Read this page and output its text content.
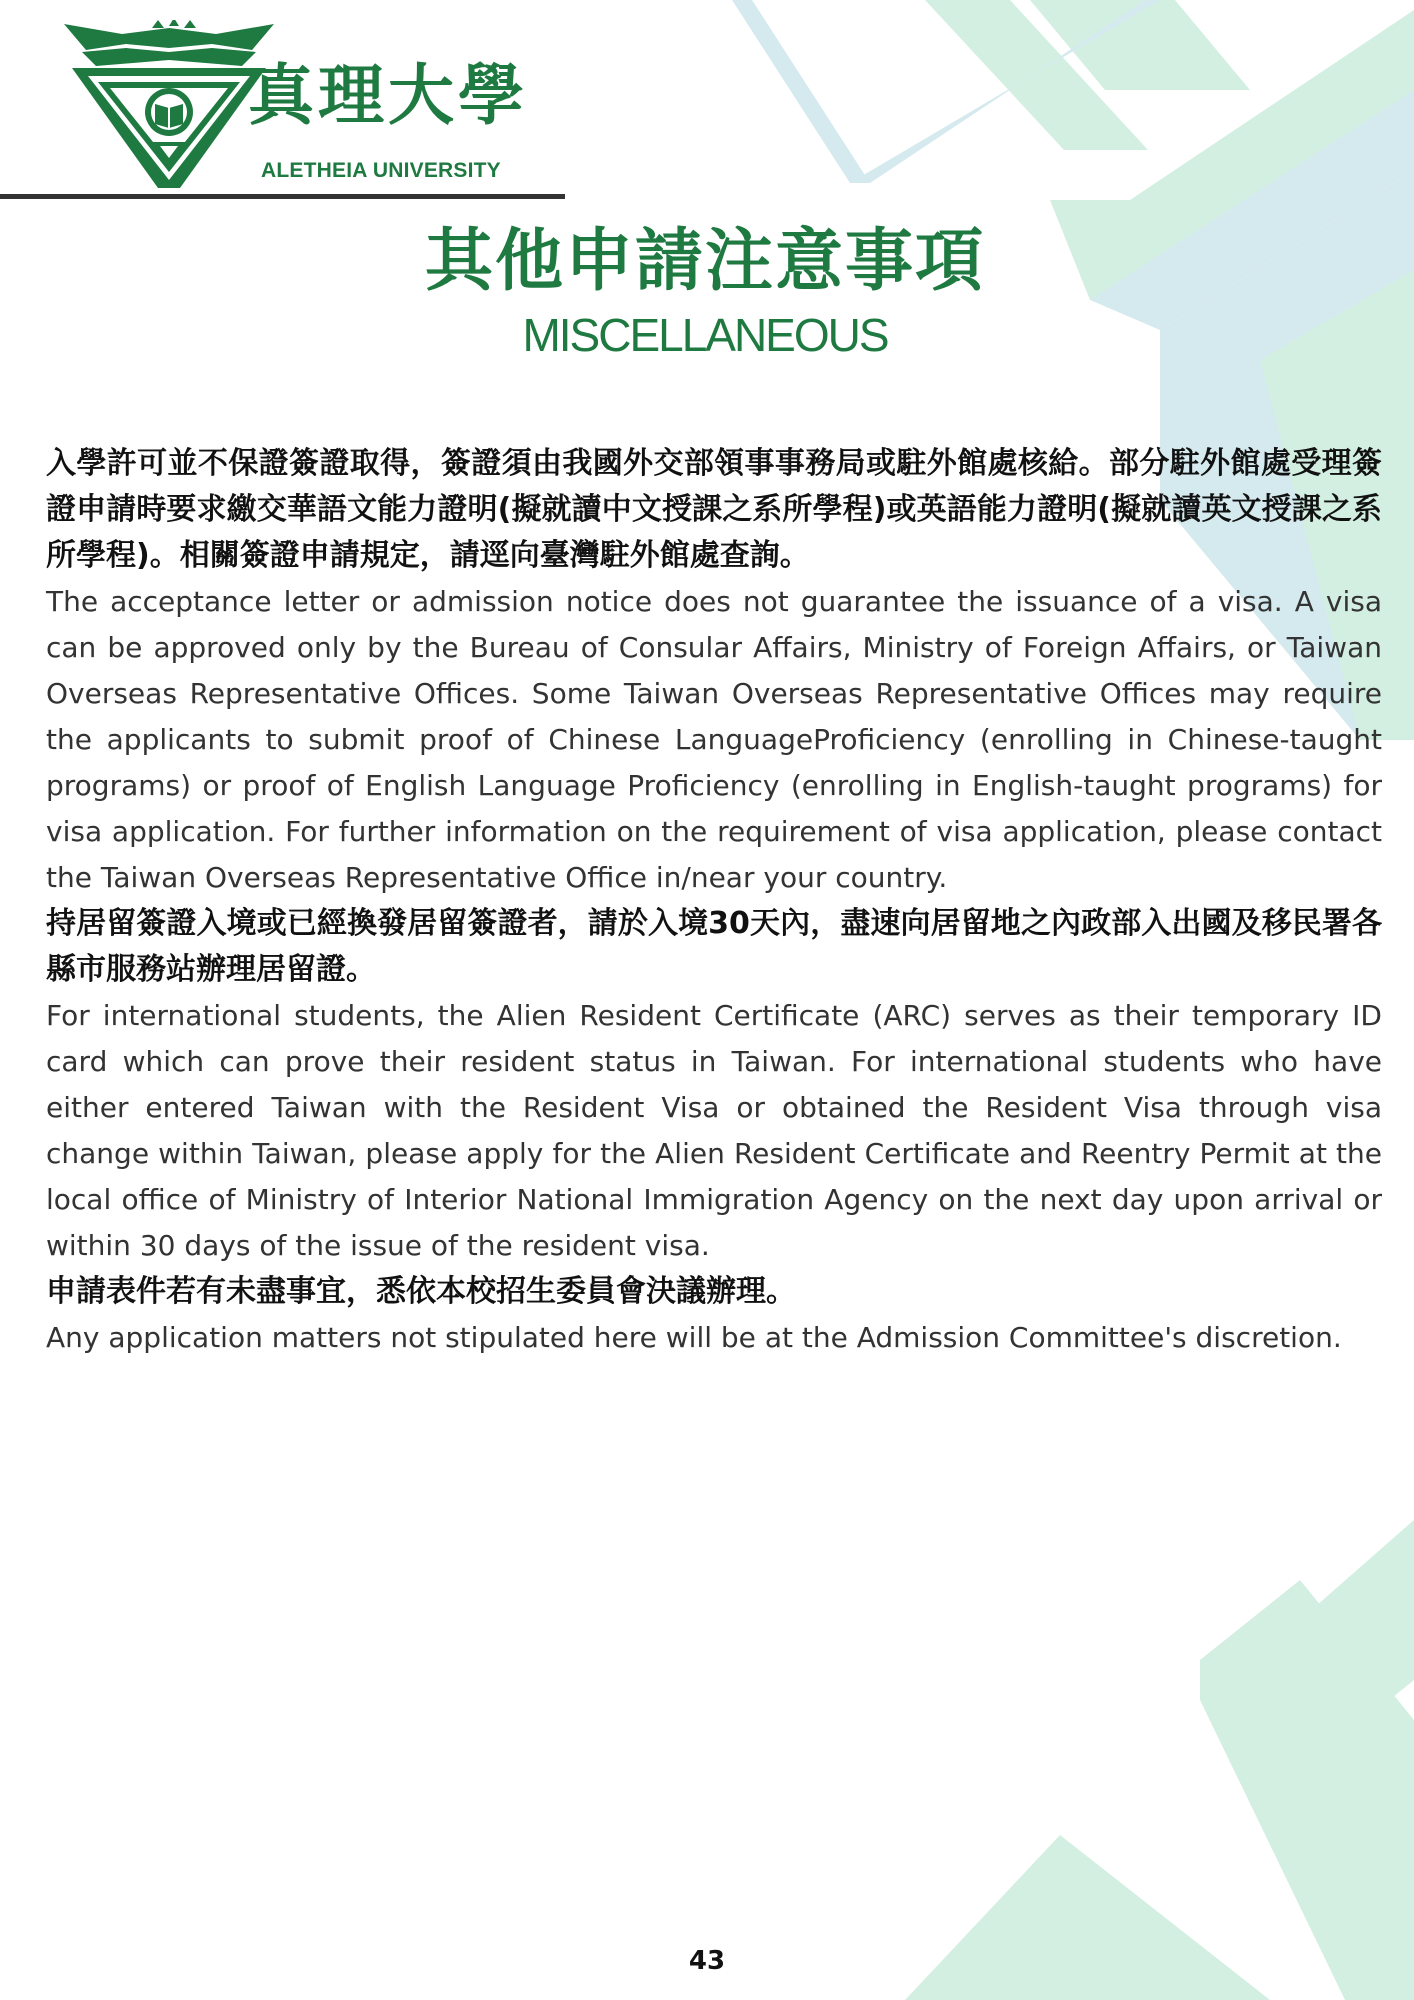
真理大學
ALETHEIA UNIVERSITY
其他申請注意事項
MISCELLANEOUS

入學許可並不保證簽證取得，簽證須由我國外交部領事事務局或駐外館處核給。部分駐外館處受理簽證申請時要求繳交華語文能力證明(擬就讀中文授課之系所學程)或英語能力證明(擬就讀英文授課之系所學程)。相關簽證申請規定，請逕向臺灣駐外館處查詢。

The acceptance letter or admission notice does not guarantee the issuance of a visa. A visa can be approved only by the Bureau of Consular Affairs, Ministry of Foreign Affairs, or Taiwan Overseas Representative Offices. Some Taiwan Overseas Representative Offices may require the applicants to submit proof of Chinese LanguageProficiency (enrolling in Chinese-taught programs) or proof of English Language Proficiency (enrolling in English-taught programs) for visa application. For further information on the requirement of visa application, please contact the Taiwan Overseas Representative Office in/near your country.

持居留簽證入境或已經換發居留簽證者，請於入境30天內，盡速向居留地之內政部入出國及移民署各縣市服務站辦理居留證。

For international students, the Alien Resident Certificate (ARC) serves as their temporary ID card which can prove their resident status in Taiwan. For international students who have either entered Taiwan with the Resident Visa or obtained the Resident Visa through visa change within Taiwan, please apply for the Alien Resident Certificate and Reentry Permit at the local office of Ministry of Interior National Immigration Agency on the next day upon arrival or within 30 days of the issue of the resident visa.

申請表件若有未盡事宜，悉依本校招生委員會決議辦理。

Any application matters not stipulated here will be at the Admission Committee's discretion.

43
